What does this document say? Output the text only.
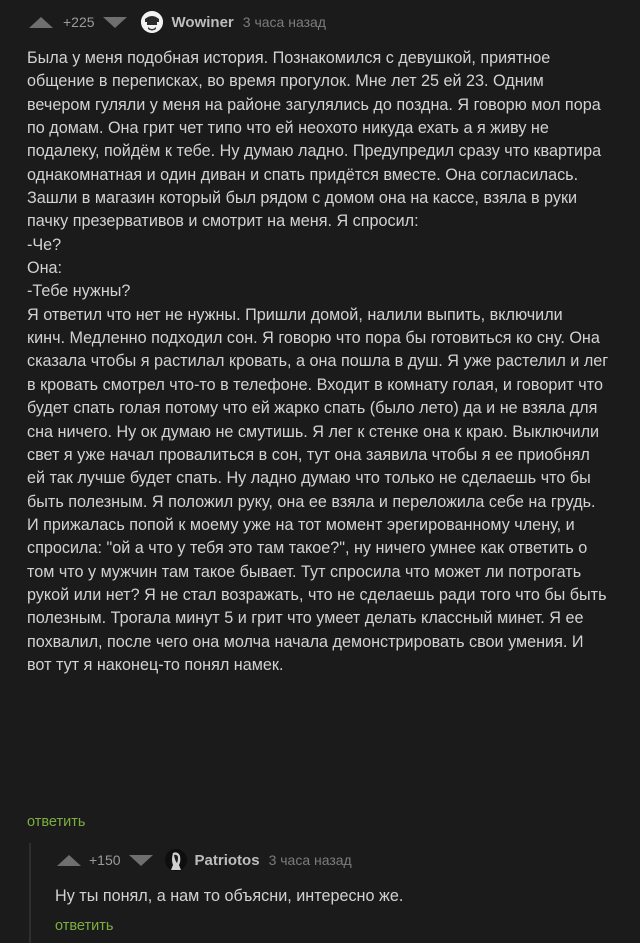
+225	Wowiner 3 часа назад
Была у меня подобная история. Познакомился с девушкой, приятное
общение в переписках, во время прогулок. Мне лет 25 ей 23. Одним
вечером гуляли у меня на районе загулялись до поздна. Я говорю мол пора
по домам. Она грит чет типо что ей неохото никуда ехать а я живу не
подалеку, пойдём к тебе. Ну думаю ладно. Предупредил сразу что квартира
однакомнатная и один диван и спать придётся вместе. Она согласилась.
Зашли в магазин который был рядом с домом она на кассе, взяла в руки
пачку презервативов и смотрит на меня. Я спросил:
-Че?
Она:
-Тебе нужны?
Я ответил что нет не нужны. Пришли домой, налили выпить, включили
кинч. Медленно подходил сон. Я говорю что пора бы готовиться ко сну. Она
сказала чтобы я растилал кровать, а она пошла в душ. Я уже растелил и лег
в кровать смотрел что-то в телефоне. Входит в комнату голая, и говорит что
будет спать голая потому что ей жарко спать (было лето) да и не взяла для
сна ничего. Ну ок думаю не смутишь. Я лег к стенке она к краю. Выключили
свет я уже начал провалиться в сон, тут она заявила чтобы я ее приобнял
ей так лучше будет спать. Ну ладно думаю что только не сделаешь что бы
быть полезным. Я положил руку, она ее взяла и переложила себе на грудь.
И прижалась попой к моему уже на тот момент эрегированному члену, и
спросила: "ой а что у тебя это там такое?", ну ничего умнее как ответить о
том что у мужчин там такое бывает. Тут спросила что может ли потрогать
рукой или нет? Я не стал возражать, что не сделаешь ради того что бы быть
полезным. Трогала минут 5 и грит что умеет делать классный минет. Я ее
похвалил, после чего она молча начала демонстрировать свои умения. И
вот тут я наконец-то понял намек.
ответить
+150	Patriotos 3 часа назад
Ну ты понял, а нам то объясни, интересно же.
ответить
